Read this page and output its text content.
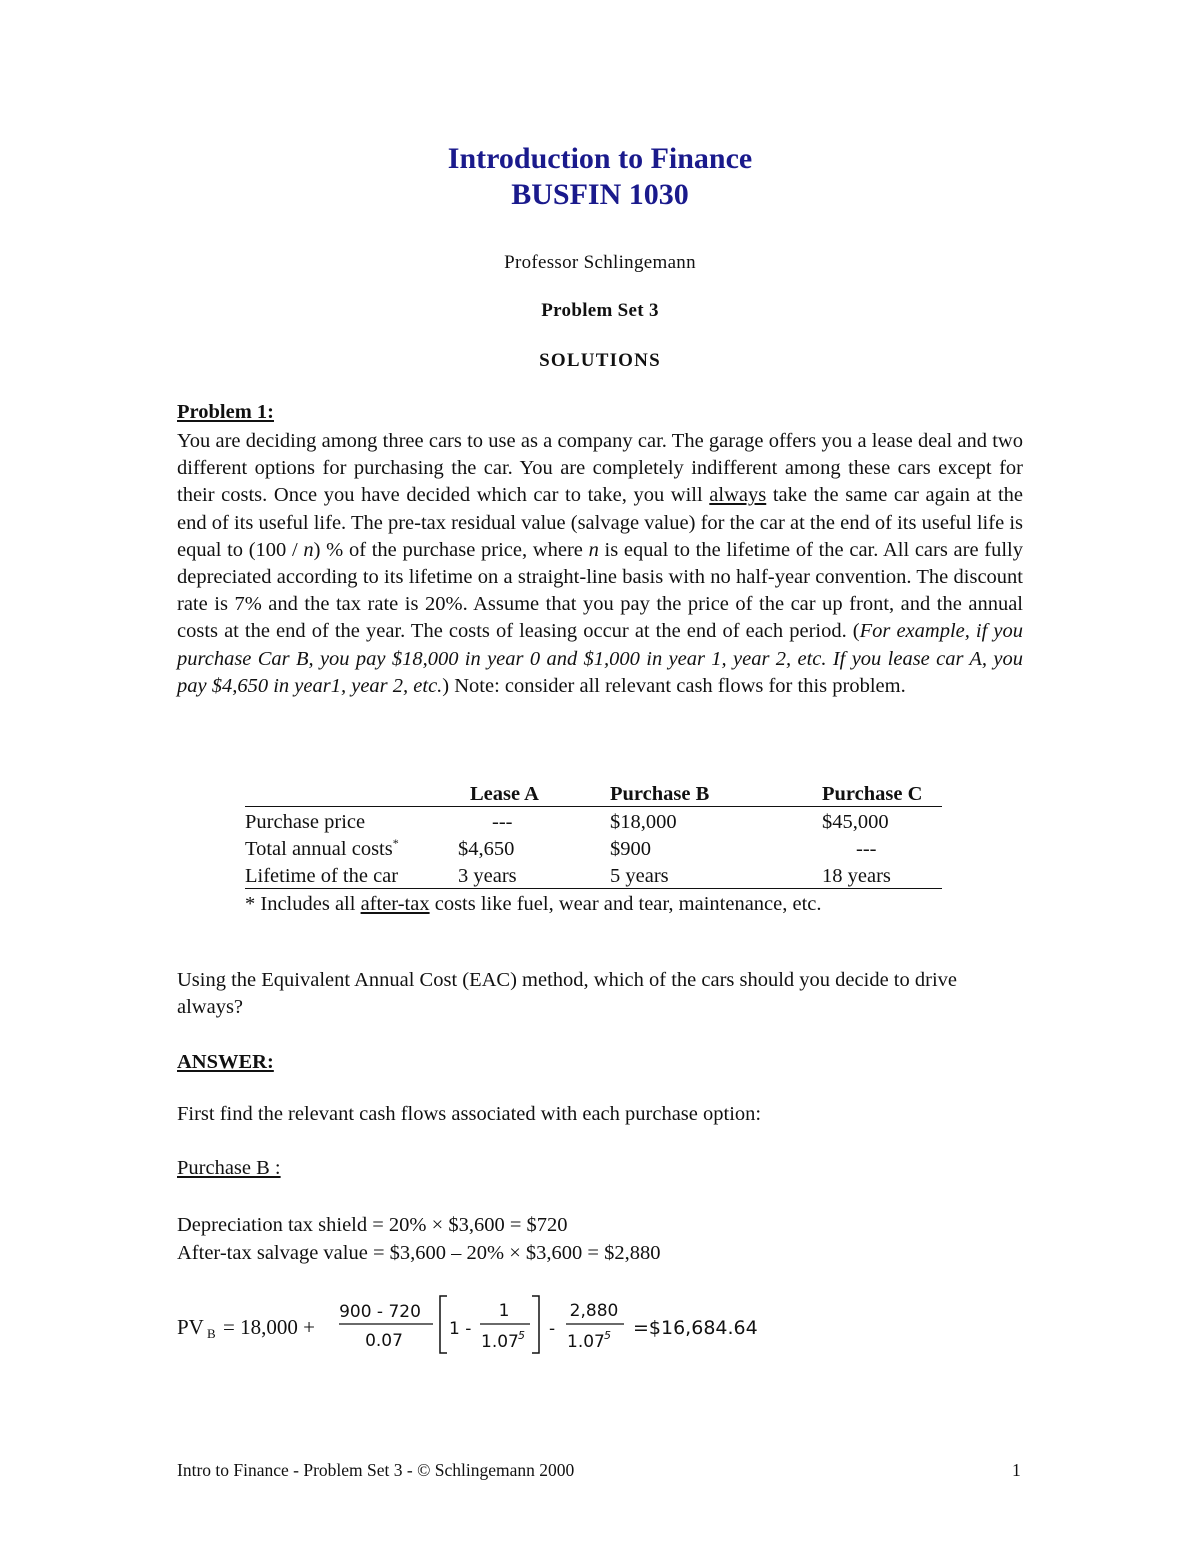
Introduction to Finance
BUSFIN 1030
Professor Schlingemann
Problem Set 3
SOLUTIONS
Problem 1:
You are deciding among three cars to use as a company car. The garage offers you a lease deal and two different options for purchasing the car. You are completely indifferent among these cars except for their costs. Once you have decided which car to take, you will always take the same car again at the end of its useful life. The pre-tax residual value (salvage value) for the car at the end of its useful life is equal to (100 / n) % of the purchase price, where n is equal to the lifetime of the car. All cars are fully depreciated according to its lifetime on a straight-line basis with no half-year convention. The discount rate is 7% and the tax rate is 20%. Assume that you pay the price of the car up front, and the annual costs at the end of the year. The costs of leasing occur at the end of each period. (For example, if you purchase Car B, you pay $18,000 in year 0 and $1,000 in year 1, year 2, etc. If you lease car A, you pay $4,650 in year1, year 2, etc.) Note: consider all relevant cash flows for this problem.
	Lease A	Purchase B	Purchase C
Purchase price	---	$18,000	$45,000
Total annual costs*	$4,650	$900	---
Lifetime of the car	3 years	5 years	18 years
* Includes all after-tax costs like fuel, wear and tear, maintenance, etc.			
Using the Equivalent Annual Cost (EAC) method, which of the cars should you decide to drive always?
ANSWER:
First find the relevant cash flows associated with each purchase option:
Purchase B :
Depreciation tax shield = 20% × $3,600 = $720
After-tax salvage value = $3,600 – 20% × $3,600 = $2,880
PV B = 18,000 +
900 - 720
0.07
1 -
1
1.07 5 -
2,880
1.07 5 =$16,684.64
Intro to Finance - Problem Set 3 - © Schlingemann 2000	1
